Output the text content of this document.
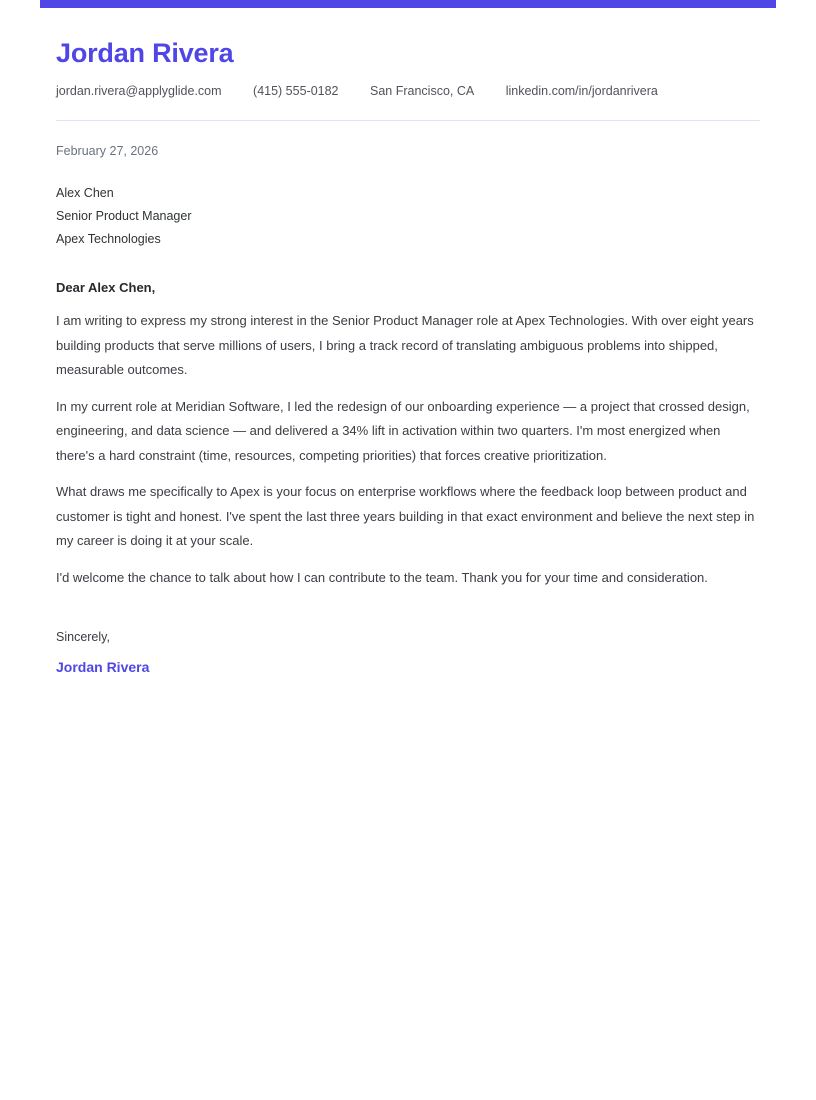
Jordan Rivera
jordan.rivera@applyglide.com	(415) 555-0182	San Francisco, CA	linkedin.com/in/jordanrivera
February 27, 2026
Alex Chen
Senior Product Manager
Apex Technologies
Dear Alex Chen,

I am writing to express my strong interest in the Senior Product Manager role at Apex Technologies. With over eight years building products that serve millions of users, I bring a track record of translating ambiguous problems into shipped, measurable outcomes.

In my current role at Meridian Software, I led the redesign of our onboarding experience — a project that crossed design, engineering, and data science — and delivered a 34% lift in activation within two quarters. I'm most energized when there's a hard constraint (time, resources, competing priorities) that forces creative prioritization.

What draws me specifically to Apex is your focus on enterprise workflows where the feedback loop between product and customer is tight and honest. I've spent the last three years building in that exact environment and believe the next step in my career is doing it at your scale.

I'd welcome the chance to talk about how I can contribute to the team. Thank you for your time and consideration.

Sincerely,
Jordan Rivera
